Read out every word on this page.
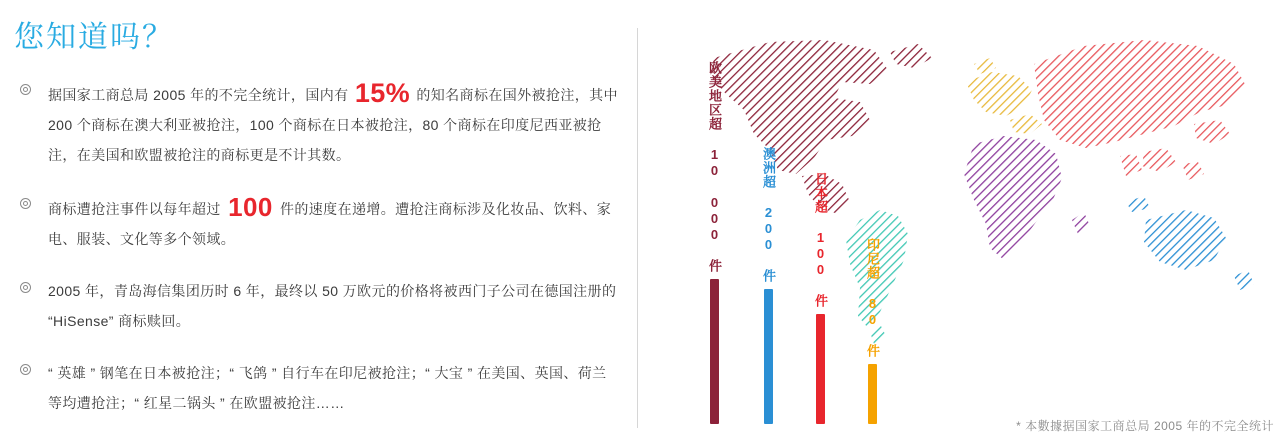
您知道吗？
据国家工商总局 2005 年的不完全统计，国内有 15% 的知名商标在国外被抢注，其中 200 个商标在澳大利亚被抢注，100 个商标在日本被抢注，80 个商标在印度尼西亚被抢注，在美国和欧盟被抢注的商标更是不计其数。
商标遭抢注事件以每年超过 100 件的速度在递增。遭抢注商标涉及化妆品、饮料、家电、服装、文化等多个领域。
2005 年，青岛海信集团历时 6 年，最终以 50 万欧元的价格将被西门子公司在德国注册的 “HiSense” 商标赎回。
“ 英雄 ” 钢笔在日本被抢注；“ 飞鸽 ” 自行车在印尼被抢注；“ 大宝 ” 在美国、英国、荷兰等均遭抢注；“ 红星二锅头 ” 在欧盟被抢注……
欧美地区超 10 000 件	澳洲超 200 件	日本超 100 件	印尼超 80 件
* 本數據据国家工商总局 2005 年的不完全统计
